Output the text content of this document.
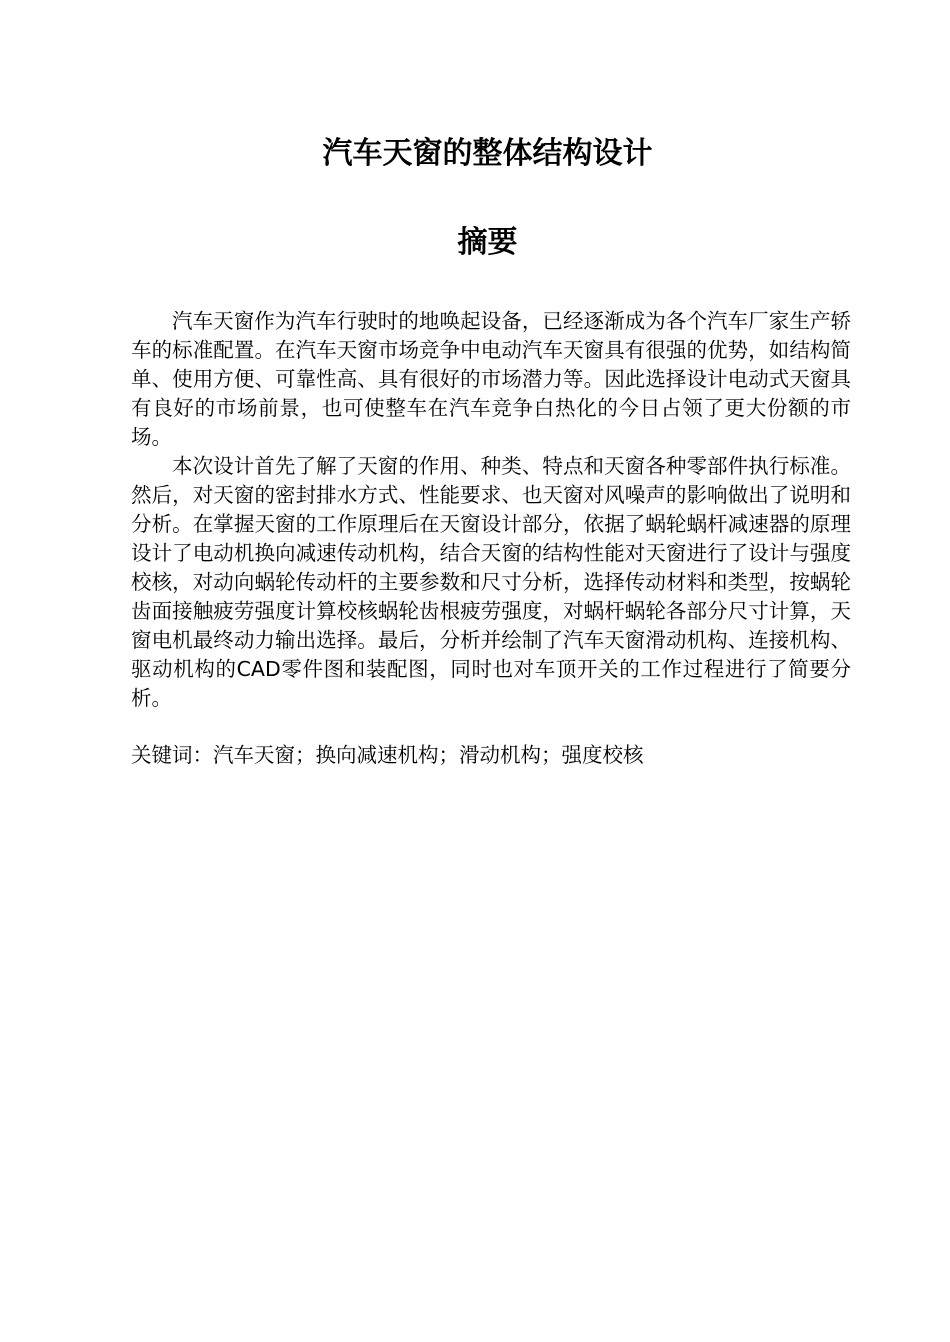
汽车天窗的整体结构设计
摘要

汽车天窗作为汽车行驶时的地唤起设备，已经逐渐成为各个汽车厂家生产轿车的标准配置。在汽车天窗市场竞争中电动汽车天窗具有很强的优势，如结构简单、使用方便、可靠性高、具有很好的市场潜力等。因此选择设计电动式天窗具有良好的市场前景，也可使整车在汽车竞争白热化的今日占领了更大份额的市场。

本次设计首先了解了天窗的作用、种类、特点和天窗各种零部件执行标准。然后，对天窗的密封排水方式、性能要求、也天窗对风噪声的影响做出了说明和分析。在掌握天窗的工作原理后在天窗设计部分，依据了蜗轮蜗杆减速器的原理设计了电动机换向减速传动机构，结合天窗的结构性能对天窗进行了设计与强度校核，对动向蜗轮传动杆的主要参数和尺寸分析，选择传动材料和类型，按蜗轮齿面接触疲劳强度计算校核蜗轮齿根疲劳强度，对蜗杆蜗轮各部分尺寸计算，天窗电机最终动力输出选择。最后，分析并绘制了汽车天窗滑动机构、连接机构、驱动机构的CAD零件图和装配图，同时也对车顶开关的工作过程进行了简要分析。

关键词：汽车天窗；换向减速机构；滑动机构；强度校核
